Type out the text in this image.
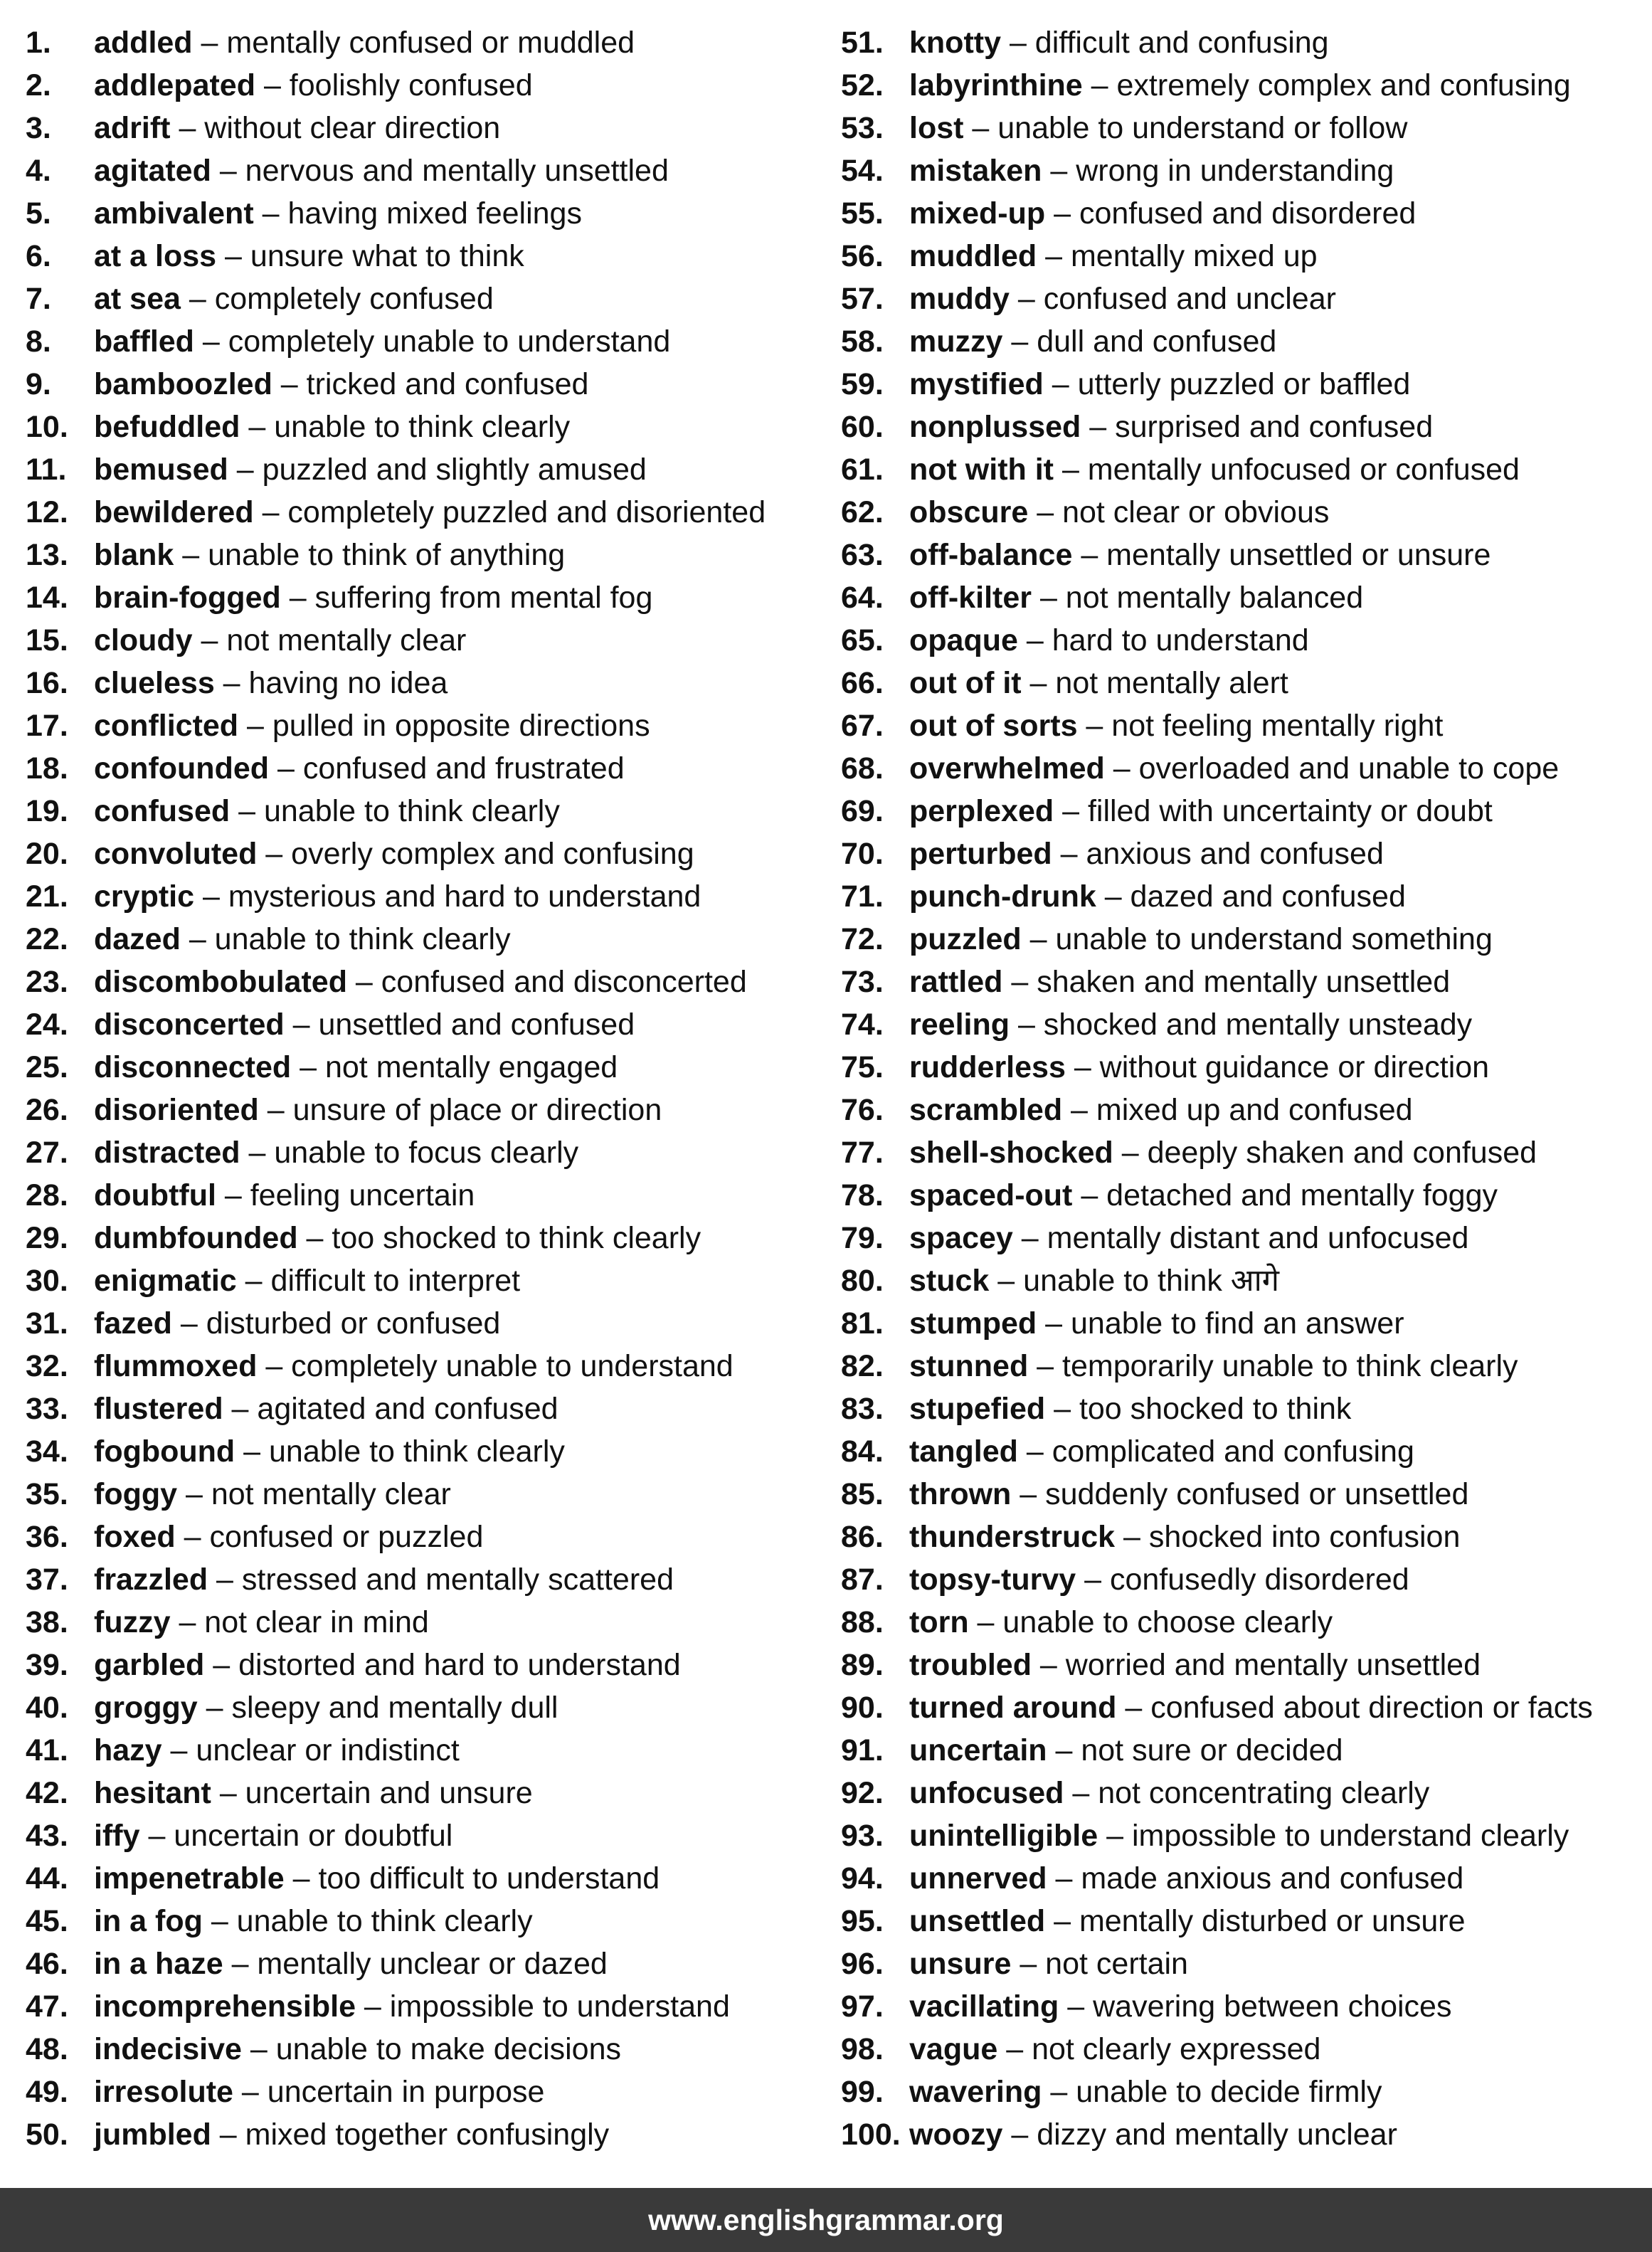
1. addled – mentally confused or muddled
2. addlepated – foolishly confused
3. adrift – without clear direction
4. agitated – nervous and mentally unsettled
5. ambivalent – having mixed feelings
6. at a loss – unsure what to think
7. at sea – completely confused
8. baffled – completely unable to understand
9. bamboozled – tricked and confused
10. befuddled – unable to think clearly
11. bemused – puzzled and slightly amused
12. bewildered – completely puzzled and disoriented
13. blank – unable to think of anything
14. brain-fogged – suffering from mental fog
15. cloudy – not mentally clear
16. clueless – having no idea
17. conflicted – pulled in opposite directions
18. confounded – confused and frustrated
19. confused – unable to think clearly
20. convoluted – overly complex and confusing
21. cryptic – mysterious and hard to understand
22. dazed – unable to think clearly
23. discombobulated – confused and disconcerted
24. disconcerted – unsettled and confused
25. disconnected – not mentally engaged
26. disoriented – unsure of place or direction
27. distracted – unable to focus clearly
28. doubtful – feeling uncertain
29. dumbfounded – too shocked to think clearly
30. enigmatic – difficult to interpret
31. fazed – disturbed or confused
32. flummoxed – completely unable to understand
33. flustered – agitated and confused
34. fogbound – unable to think clearly
35. foggy – not mentally clear
36. foxed – confused or puzzled
37. frazzled – stressed and mentally scattered
38. fuzzy – not clear in mind
39. garbled – distorted and hard to understand
40. groggy – sleepy and mentally dull
41. hazy – unclear or indistinct
42. hesitant – uncertain and unsure
43. iffy – uncertain or doubtful
44. impenetrable – too difficult to understand
45. in a fog – unable to think clearly
46. in a haze – mentally unclear or dazed
47. incomprehensible – impossible to understand
48. indecisive – unable to make decisions
49. irresolute – uncertain in purpose
50. jumbled – mixed together confusingly
51. knotty – difficult and confusing
52. labyrinthine – extremely complex and confusing
53. lost – unable to understand or follow
54. mistaken – wrong in understanding
55. mixed-up – confused and disordered
56. muddled – mentally mixed up
57. muddy – confused and unclear
58. muzzy – dull and confused
59. mystified – utterly puzzled or baffled
60. nonplussed – surprised and confused
61. not with it – mentally unfocused or confused
62. obscure – not clear or obvious
63. off-balance – mentally unsettled or unsure
64. off-kilter – not mentally balanced
65. opaque – hard to understand
66. out of it – not mentally alert
67. out of sorts – not feeling mentally right
68. overwhelmed – overloaded and unable to cope
69. perplexed – filled with uncertainty or doubt
70. perturbed – anxious and confused
71. punch-drunk – dazed and confused
72. puzzled – unable to understand something
73. rattled – shaken and mentally unsettled
74. reeling – shocked and mentally unsteady
75. rudderless – without guidance or direction
76. scrambled – mixed up and confused
77. shell-shocked – deeply shaken and confused
78. spaced-out – detached and mentally foggy
79. spacey – mentally distant and unfocused
80. stuck – unable to think आगे
81. stumped – unable to find an answer
82. stunned – temporarily unable to think clearly
83. stupefied – too shocked to think
84. tangled – complicated and confusing
85. thrown – suddenly confused or unsettled
86. thunderstruck – shocked into confusion
87. topsy-turvy – confusedly disordered
88. torn – unable to choose clearly
89. troubled – worried and mentally unsettled
90. turned around – confused about direction or facts
91. uncertain – not sure or decided
92. unfocused – not concentrating clearly
93. unintelligible – impossible to understand clearly
94. unnerved – made anxious and confused
95. unsettled – mentally disturbed or unsure
96. unsure – not certain
97. vacillating – wavering between choices
98. vague – not clearly expressed
99. wavering – unable to decide firmly
100. woozy – dizzy and mentally unclear
www.englishgrammar.org
